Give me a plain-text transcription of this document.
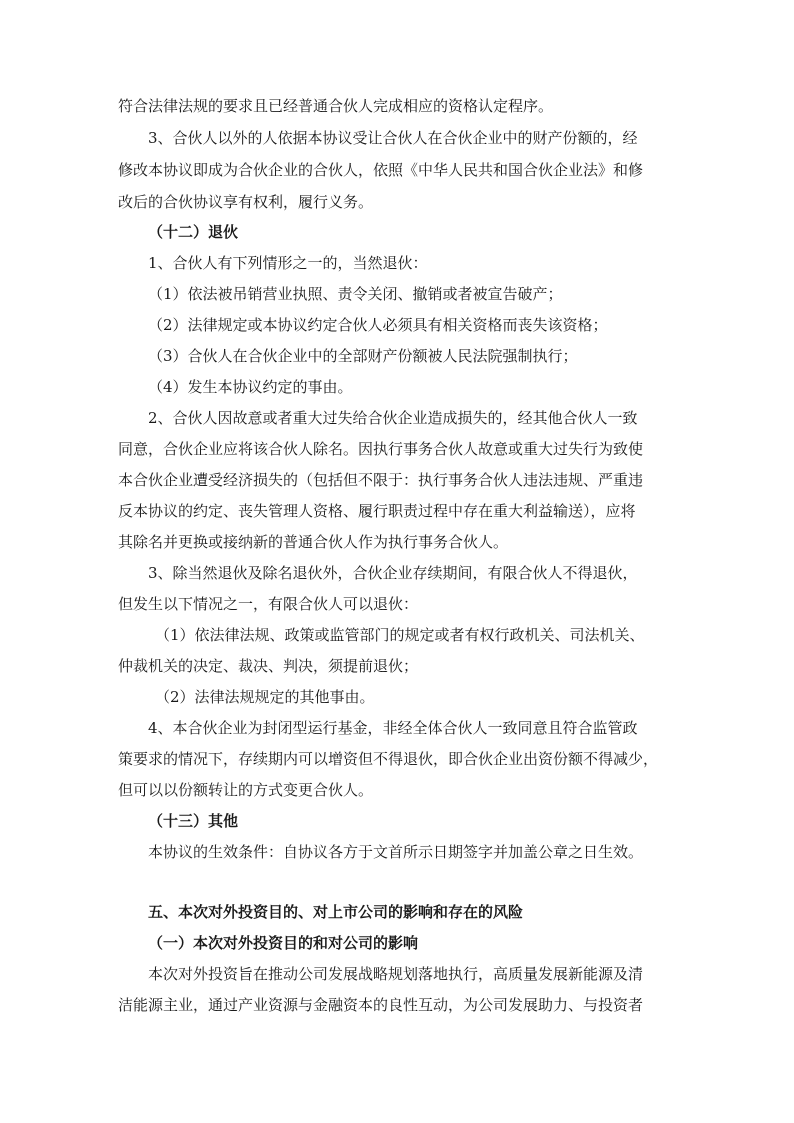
符合法律法规的要求且已经普通合伙人完成相应的资格认定程序。
3、合伙人以外的人依据本协议受让合伙人在合伙企业中的财产份额的，经
修改本协议即成为合伙企业的合伙人，依照《中华人民共和国合伙企业法》和修
改后的合伙协议享有权利，履行义务。
（十二）退伙
1、合伙人有下列情形之一的，当然退伙：
（1）依法被吊销营业执照、责令关闭、撤销或者被宣告破产；
（2）法律规定或本协议约定合伙人必须具有相关资格而丧失该资格；
（3）合伙人在合伙企业中的全部财产份额被人民法院强制执行；
（4）发生本协议约定的事由。
2、合伙人因故意或者重大过失给合伙企业造成损失的，经其他合伙人一致
同意，合伙企业应将该合伙人除名。因执行事务合伙人故意或重大过失行为致使
本合伙企业遭受经济损失的（包括但不限于：执行事务合伙人违法违规、严重违
反本协议的约定、丧失管理人资格、履行职责过程中存在重大利益输送），应将
其除名并更换或接纳新的普通合伙人作为执行事务合伙人。
3、除当然退伙及除名退伙外，合伙企业存续期间，有限合伙人不得退伙，
但发生以下情况之一，有限合伙人可以退伙：
（1）依法律法规、政策或监管部门的规定或者有权行政机关、司法机关、
仲裁机关的决定、裁决、判决，须提前退伙；
（2）法律法规规定的其他事由。
4、本合伙企业为封闭型运行基金，非经全体合伙人一致同意且符合监管政
策要求的情况下，存续期内可以增资但不得退伙，即合伙企业出资份额不得减少，
但可以以份额转让的方式变更合伙人。
（十三）其他
本协议的生效条件：自协议各方于文首所示日期签字并加盖公章之日生效。
五、本次对外投资目的、对上市公司的影响和存在的风险
（一）本次对外投资目的和对公司的影响
本次对外投资旨在推动公司发展战略规划落地执行，高质量发展新能源及清
洁能源主业，通过产业资源与金融资本的良性互动，为公司发展助力、与投资者
